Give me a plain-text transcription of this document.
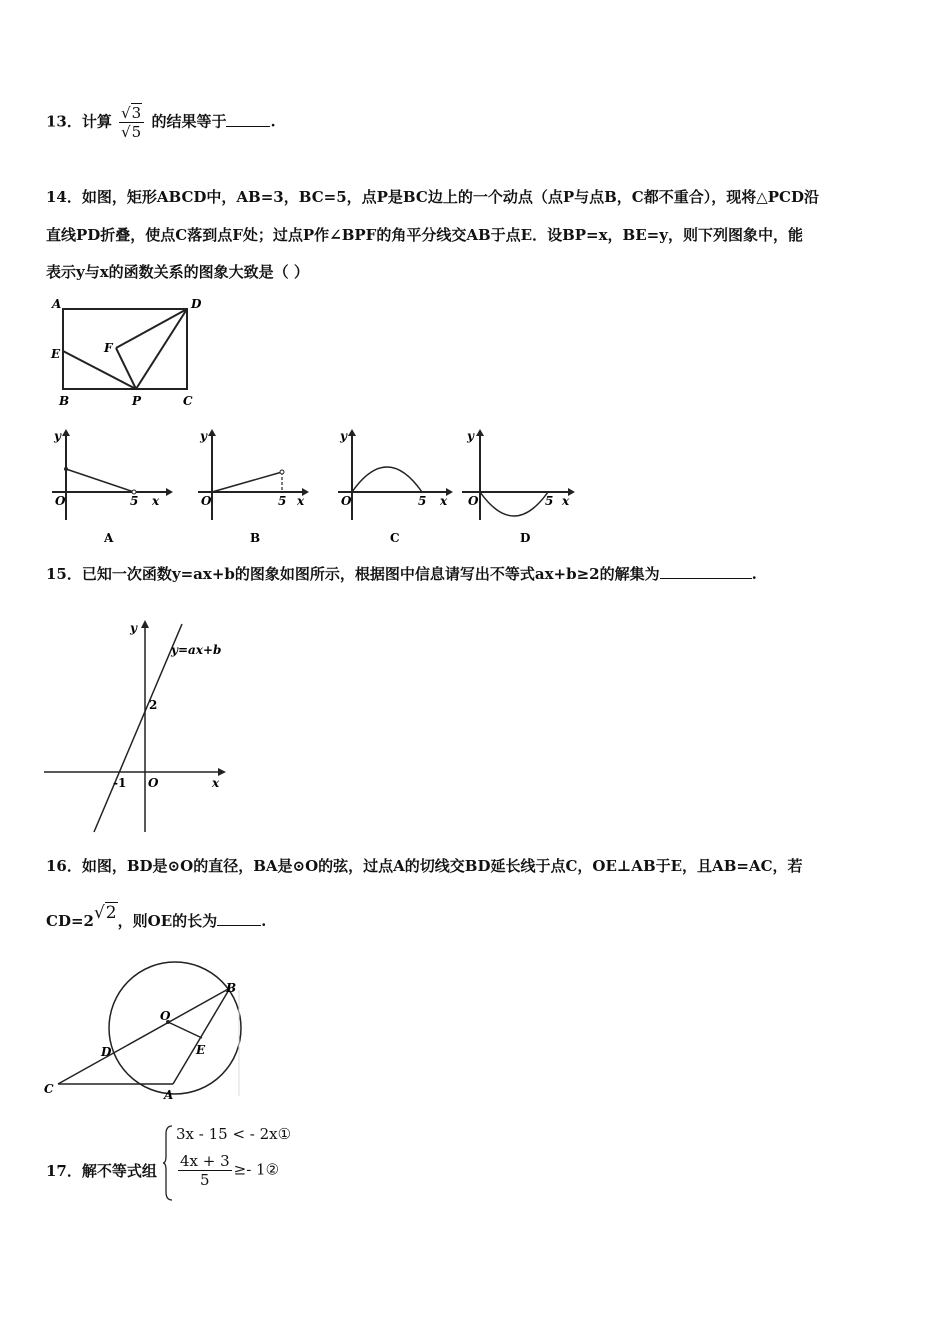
13．计算 $\frac{√3}{√5}$ 的结果等于	.
14．如图，矩形ABCD中，AB=3，BC=5，点P是BC边上的一个动点（点P与点B，C都不重合），现将△PCD沿
直线PD折叠，使点C落到点F处；过点P作∠BPF的角平分线交AB于点E．设BP=x，BE=y，则下列图象中，能
表示y与x的函数关系的图象大致是（ ）
A	D
E	F
B	P	C
y
O	5 x
A
y
O	5 x
B
y
O	5 x
C
y
O	5 x
D
15．已知一次函数y=ax+b的图象如图所示，根据图中信息请写出不等式ax+b≥2的解集为	.
y
y=ax+b
2
-1 O	x
16．如图，BD是⊙O的直径，BA是⊙O的弦，过点A的切线交BD延长线于点C，OE⊥AB于E，且AB=AC，若
CD=2√2，则OE的长为	.
B
O
D	E
C	A
17．解不等式组
3x - 15 < - 2x①
$\frac{4x + 3}{5}$ ≥- 1②
